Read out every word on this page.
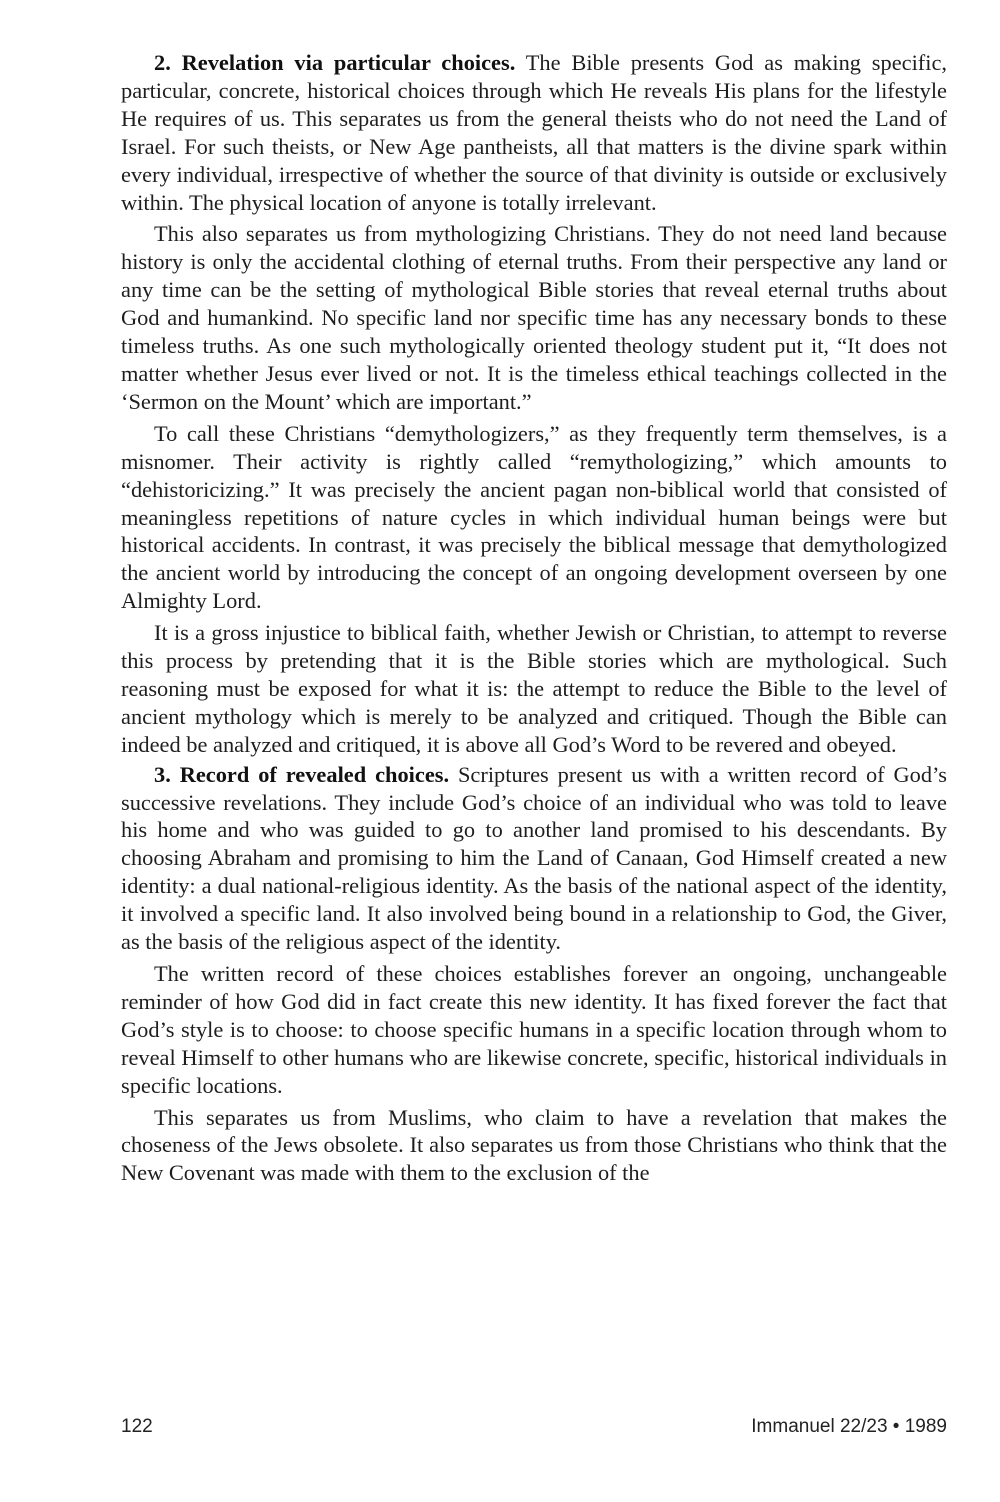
2. Revelation via particular choices. The Bible presents God as making specific, particular, concrete, historical choices through which He reveals His plans for the lifestyle He requires of us. This separates us from the general theists who do not need the Land of Israel. For such theists, or New Age pantheists, all that matters is the divine spark within every individual, irrespective of whether the source of that divinity is outside or exclusively within. The physical location of anyone is totally irrelevant.

This also separates us from mythologizing Christians. They do not need land because history is only the accidental clothing of eternal truths. From their perspective any land or any time can be the setting of mythological Bible stories that reveal eternal truths about God and humankind. No specific land nor specific time has any necessary bonds to these timeless truths. As one such mythologically oriented theology student put it, “It does not matter whether Jesus ever lived or not. It is the timeless ethical teachings collected in the ‘Sermon on the Mount’ which are important.”

To call these Christians “demythologizers,” as they frequently term themselves, is a misnomer. Their activity is rightly called “remythologizing,” which amounts to “dehistoricizing.” It was precisely the ancient pagan non-biblical world that consisted of meaningless repetitions of nature cycles in which individual human beings were but historical accidents. In contrast, it was precisely the biblical message that demythologized the ancient world by introducing the concept of an ongoing development overseen by one Almighty Lord.

It is a gross injustice to biblical faith, whether Jewish or Christian, to attempt to reverse this process by pretending that it is the Bible stories which are mythological. Such reasoning must be exposed for what it is: the attempt to reduce the Bible to the level of ancient mythology which is merely to be analyzed and critiqued. Though the Bible can indeed be analyzed and critiqued, it is above all God’s Word to be revered and obeyed.

3. Record of revealed choices. Scriptures present us with a written record of God’s successive revelations. They include God’s choice of an individual who was told to leave his home and who was guided to go to another land promised to his descendants. By choosing Abraham and promising to him the Land of Canaan, God Himself created a new identity: a dual national-religious identity. As the basis of the national aspect of the identity, it involved a specific land. It also involved being bound in a relationship to God, the Giver, as the basis of the religious aspect of the identity.

The written record of these choices establishes forever an ongoing, unchangeable reminder of how God did in fact create this new identity. It has fixed forever the fact that God’s style is to choose: to choose specific humans in a specific location through whom to reveal Himself to other humans who are likewise concrete, specific, historical individuals in specific locations.

This separates us from Muslims, who claim to have a revelation that makes the choseness of the Jews obsolete. It also separates us from those Christians who think that the New Covenant was made with them to the exclusion of the

122	Immanuel 22/23 • 1989
